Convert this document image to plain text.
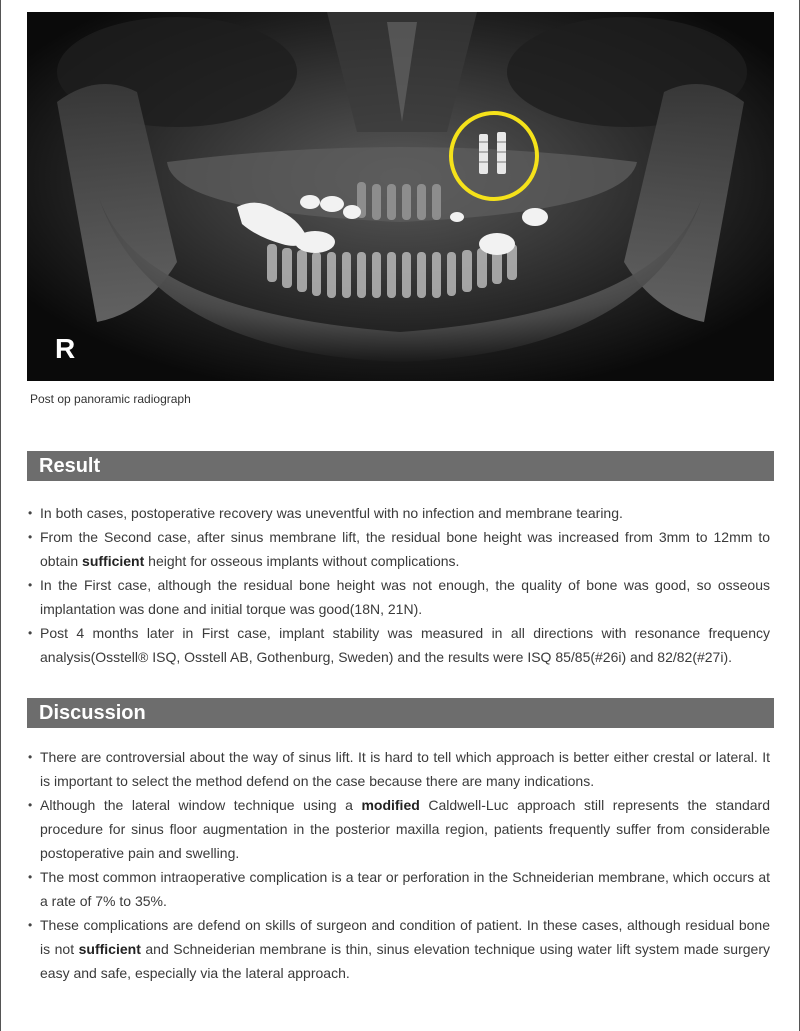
R
Post op panoramic radiograph
Result
• In both cases, postoperative recovery was uneventful with no infection and membrane tearing.
• From the Second case, after sinus membrane lift, the residual bone height was increased from 3mm to 12mm to obtain sufficient height for osseous implants without complications.
• In the First case, although the residual bone height was not enough, the quality of bone was good, so osseous implantation was done and initial torque was good(18N, 21N).
• Post 4 months later in First case, implant stability was measured in all directions with resonance frequency analysis(Osstell® ISQ, Osstell AB, Gothenburg, Sweden) and the results were ISQ 85/85(#26i) and 82/82(#27i).
Discussion
• There are controversial about the way of sinus lift. It is hard to tell which approach is better either crestal or lateral. It is important to select the method defend on the case because there are many indications.
• Although the lateral window technique using a modified Caldwell-Luc approach still represents the standard procedure for sinus floor augmentation in the posterior maxilla region, patients frequently suffer from considerable postoperative pain and swelling.
• The most common intraoperative complication is a tear or perforation in the Schneiderian membrane, which occurs at a rate of 7% to 35%.
• These complications are defend on skills of surgeon and condition of patient. In these cases, although residual bone is not sufficient and Schneiderian membrane is thin, sinus elevation technique using water lift system made surgery easy and safe, especially via the lateral approach.
